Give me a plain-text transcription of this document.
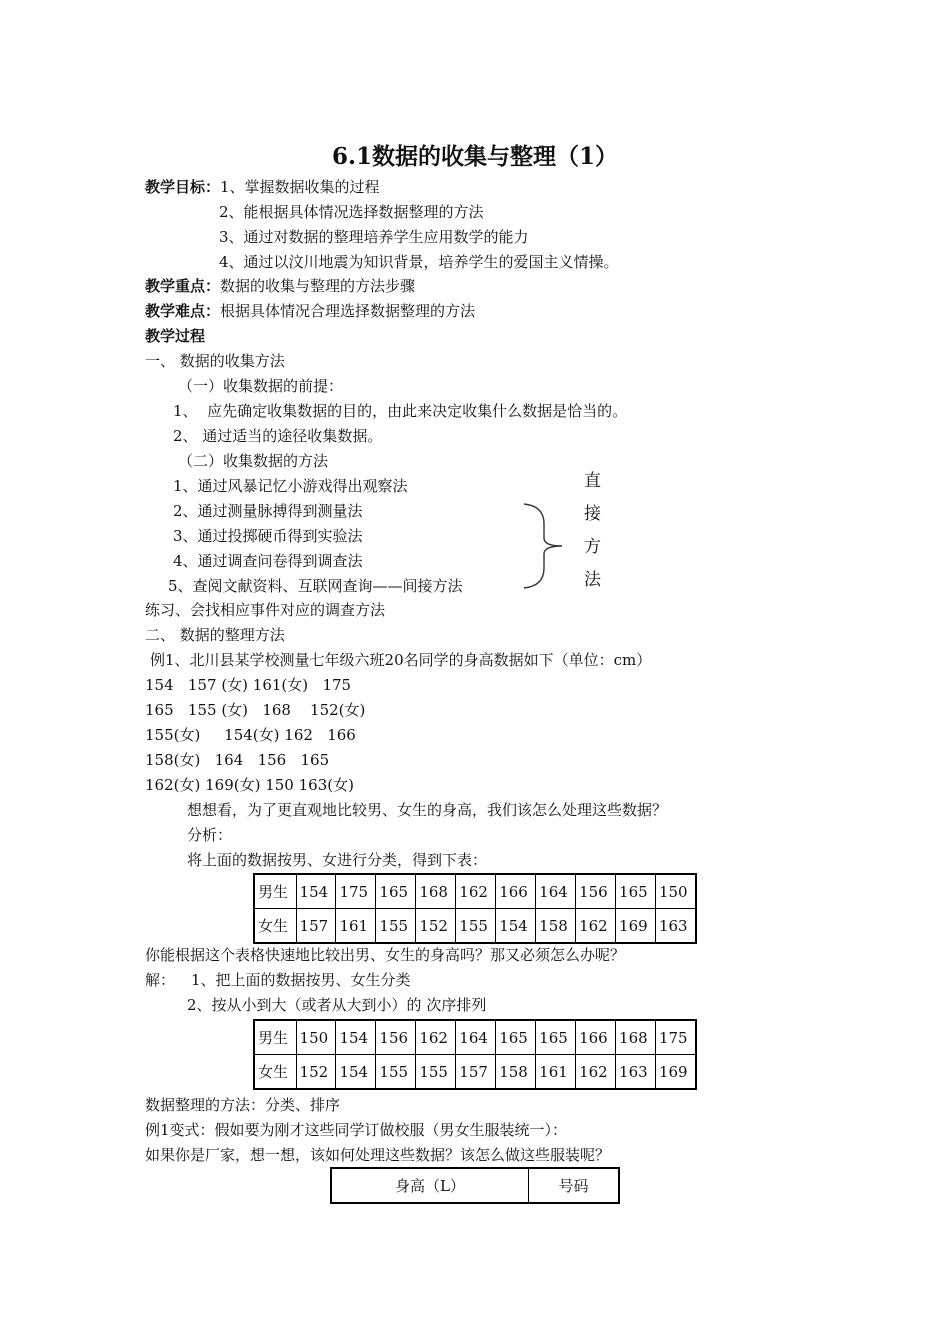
6.1数据的收集与整理（1）
教学目标：1、掌握数据收集的过程
2、能根据具体情况选择数据整理的方法
3、通过对数据的整理培养学生应用数学的能力
4、通过以汶川地震为知识背景，培养学生的爱国主义情操。
教学重点：数据的收集与整理的方法步骤
教学难点：根据具体情况合理选择数据整理的方法
教学过程
一、 数据的收集方法
（一）收集数据的前提：
1、  应先确定收集数据的目的，由此来决定收集什么数据是恰当的。
2、 通过适当的途径收集数据。
（二）收集数据的方法
1、通过风暴记忆小游戏得出观察法
2、通过测量脉搏得到测量法
3、通过投掷硬币得到实验法
4、通过调查问卷得到调查法
5、查阅文献资料、互联网查询——间接方法
直
接
方
法
练习、会找相应事件对应的调查方法
二、 数据的整理方法
例1、北川县某学校测量七年级六班20名同学的身高数据如下（单位：cm）
154   157 (女) 161(女)   175
165   155 (女)   168    152(女)
155(女)     154(女) 162   166
158(女)   164   156   165
162(女) 169(女) 150 163(女)
想想看，为了更直观地比较男、女生的身高，我们该怎么处理这些数据？
分析：
将上面的数据按男、女进行分类，得到下表：
男生	154	175	165	168	162	166	164	156	165	150
女生	157	161	155	152	155	154	158	162	169	163
你能根据这个表格快速地比较出男、女生的身高吗？那又必须怎么办呢？
解： 1、把上面的数据按男、女生分类
2、按从小到大（或者从大到小）的 次序排列
男生	150	154	156	162	164	165	165	166	168	175
女生	152	154	155	155	157	158	161	162	163	169
数据整理的方法：分类、排序
例1变式：假如要为刚才这些同学订做校服（男女生服装统一）：
如果你是厂家，想一想，该如何处理这些数据？该怎么做这些服装呢？
身高（L）	号码
